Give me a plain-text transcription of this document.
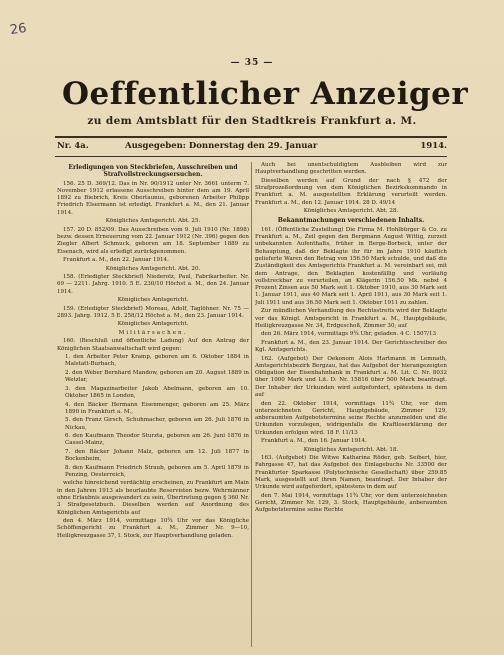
26
— 35 —
Oeffentlicher Anzeiger
zu dem Amtsblatt für den Stadtkreis Frankfurt a. M.
Nr. 4a.	Ausgegeben: Donnerstag den 29. Januar	1914.

Erledigungen von Steckbriefen, Ausschreiben und Strafvollstreckungsersuchen.

156. 25 D. 369/12. Das in Nr. 90/1912 unter Nr. 3661 unterm 7. November 1912 erlassene Ausschreiben hinter dem am 19. April 1892 zu Biebrich, Kreis Obertaunus, geborenen Arbeiter Philipp Friedrich Elsermann ist erledigt. Frankfurt a. M., den 21. Januar 1914.

Königliches Amtsgericht. Abt. 25.

157. 20 D. 852/09. Das Ausschreiben vom 9. Juli 1910 (Nr. 1898) bezw. dessen Erneuerung vom 22. Januar 1912 (Nr. 396) gegen den Ziegler Albert Schmuck, geboren am 18. September 1889 zu Eisenach, wird als erledigt zurückgenommen.

Frankfurt a. M., den 22. Januar 1914.

Königliches Amtsgericht. Abt. 20.

158. (Erledigter Steckbrief) Niederolz, Paul, Fabrikarbeiter. Nr. 69 — 2211. Jahrg. 1910. 5 E. 230/10 Höchst a. M., den 24. Januar 1914.

Königliches Amtsgericht.

159. (Erledigter Steckbrief) Moreau, Adolf, Taglöhner. Nr. 75 — 2893. Jahrg. 1912. 5 E. 258/12 Höchst a. M., den 23. Januar 1914.

Königliches Amtsgericht.

Militärsachen.

160. (Beschluß und öffentliche Ladung) Auf den Antrag der Königlichen Staatsanwaltschaft wird gegen:

1. den Arbeiter Peter Kramp, geboren am 6. Oktober 1884 in Malstatt-Burbach,

2. den Weber Bernhard Mandow, geboren am 20. August 1889 in Wetzlar,

3. den Magazinarbeiter Jakob Abelmann, geboren am 10. Oktober 1865 in London,

4. den Bäcker Hermann Eisenmenger, geboren am 25. März 1890 in Frankfurt a. M.,

5. den Franz Girsch, Schuhmacher, geboren am 26. Juli 1876 in Nickau,

6. den Kaufmann Theodor Sturzta, geboren am 26. Juni 1876 in Cassel-Mainz,

7. den Bäcker Johann Malz, geboren am 12. Juli 1877 in Bockenheim,

8. den Kaufmann Friedrich Straub, geboren am 5. April 1879 in Penzing, Oesterreich,

welche hinreichend verdächtig erscheinen, zu Frankfurt am Main in den Jahren 1913 als beurlaubte Reservisten bezw. Wehrmänner ohne Erlaubnis ausgewandert zu sein, Übertretung gegen § 360 Nr. 3 Strafgesetzbuch. Dieselben werden auf Anordnung des Königlichen Amtsgerichts auf

den 4. März 1914, vormittags 10¾ Uhr vor das Königliche Schöffengericht zu Frankfurt a. M., Zimmer Nr. 9—10, Heiligkreuzgasse 37, I. Stock, zur Hauptverhandlung geladen.

Auch bei unentschuldigtem Ausbleiben wird zur Hauptverhandlung geschritten werden.

Dieselben werden auf Grund der nach § 472 der Strafprozeßordnung von dem Königlichen Bezirkskommando in Frankfurt a. M. ausgestellten Erklärung verurteilt werden. Frankfurt a. M., den 12. Januar 1914. 28 D. 49/14

Königliches Amtsgericht. Abt. 28.

Bekanntmachungen verschiedenen Inhalts.

161. (Öffentliche Zustellung) Die Firma M. Hohlbürger & Co. zu Frankfurt a. M., Zeil gegen den Bergmann August Wittig, zurzeit unbekannten Aufenthalts, früher in Berge-Borbeck, unter der Behauptung, daß der Beklagte ihr für im Jahre 1910 käuflich gelieferte Waren den Betrag von 156.50 Mark schulde, und daß die Zuständigkeit des Amtsgerichts Frankfurt a. M. vereinbart sei, mit dem Antrage, den Beklagten kostenfällig und vorläufig vollstreckbar zu verurteilen, an Klägerin 156.50 Mk. nebst 4 Prozent Zinsen aus 50 Mark seit 1. Oktober 1910, aus 30 Mark seit 1. Januar 1911, aus 40 Mark seit 1. April 1911, aus 30 Mark seit 1. Juli 1911 und aus 36.50 Mark seit 1. Oktober 1911 zu zahlen.

Zur mündlichen Verhandlung des Rechtsstreits wird der Beklagte vor das Königl. Amtsgericht in Frankfurt a. M., Hauptgebäude, Heiligkreuzgasse Nr. 34, Erdgeschoß, Zimmer 30, auf

den 26. März 1914, vormittags 9¾ Uhr, geladen. 4 C. 1507/13

Frankfurt a. M., den 23. Januar 1914. Der Gerichtsschreiber des Kgl. Amtsgerichts.

162. (Aufgebot) Der Oekonom Alois Hartmann in Lemnath, Amtsgerichtsbezirk Bergzau, hat das Aufgebot der hierangezeigten Obligation der Eisenbahnbank in Frankfurt a. M. Lit. C. Nr. 8032 über 1000 Mark und Lit. D. Nr. 15816 über 500 Mark beantragt. Der Inhaber der Urkunden wird aufgefordert, spätestens in dem auf

den 22. Oktober 1914, vormittags 11¾ Uhr, vor dem unterzeichneten Gericht, Hauptgebäude, Zimmer 129, anberaumten Aufgebotstermine seine Rechte anzumelden und die Urkunden vorzulegen, widrigenfalls die Kraftloserklärung der Urkunden erfolgen wird. 18 F. 11/13

Frankfurt a. M., den 16. Januar 1914.

Königliches Amtsgericht. Abt. 18.

163. (Aufgebot) Die Witwe Katharina Röder, geb. Seibert, hier, Fahrgasse 47, hat das Aufgebot des Einlagebuchs Nr. 33500 der Frankfurter Sparkasse (Polytechnische Gesellschaft) über 259.85 Mark, ausgestellt auf ihren Namen, beantragt. Der Inhaber der Urkunde wird aufgefordert, spätestens in dem auf

den 7. Mai 1914, vormittags 11¾ Uhr, vor dem unterzeichneten Gericht, Zimmer Nr. 129, 3. Stock, Hauptgebäude, anberaumten Aufgebotstermine seine Rechte
